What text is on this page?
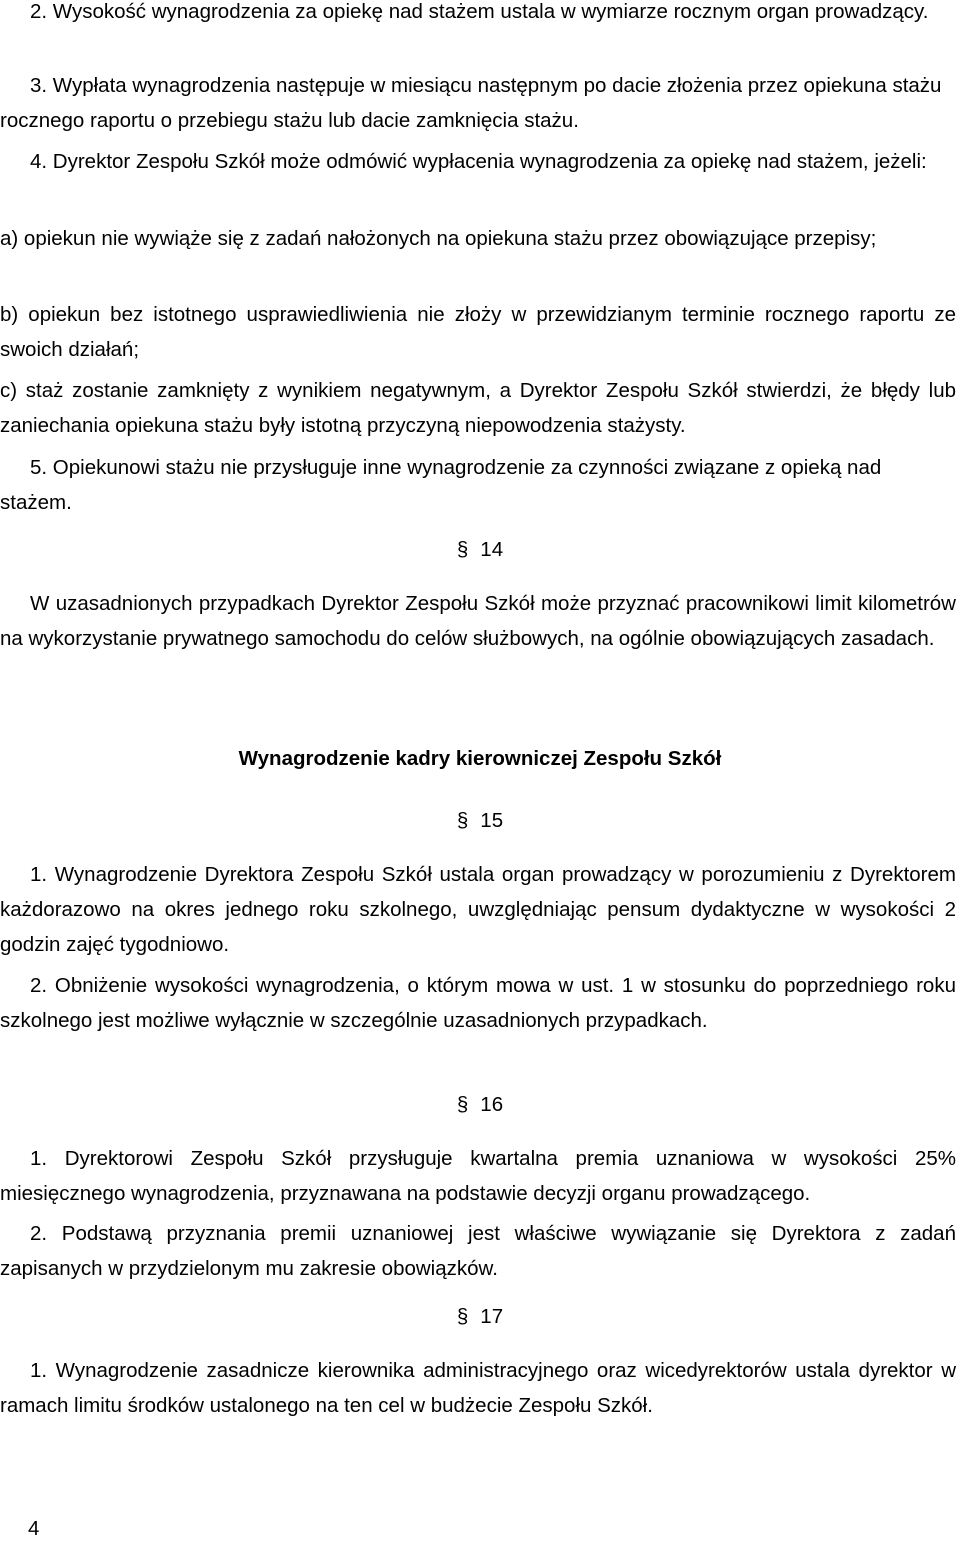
2. Wysokość wynagrodzenia za opiekę nad stażem ustala w wymiarze rocznym organ prowadzący.

3. Wypłata wynagrodzenia następuje w miesiącu następnym po dacie złożenia przez opiekuna stażu rocznego raportu o przebiegu stażu lub dacie zamknięcia stażu.

4. Dyrektor Zespołu Szkół może odmówić wypłacenia wynagrodzenia za opiekę nad stażem, jeżeli:

a) opiekun nie wywiąże się z zadań nałożonych na opiekuna stażu przez obowiązujące przepisy;

b) opiekun bez istotnego usprawiedliwienia nie złoży w przewidzianym terminie rocznego raportu ze swoich działań;

c) staż zostanie zamknięty z wynikiem negatywnym, a Dyrektor Zespołu Szkół stwierdzi, że błędy lub zaniechania opiekuna stażu były istotną przyczyną niepowodzenia stażysty.

5. Opiekunowi stażu nie przysługuje inne wynagrodzenie za czynności związane z opieką nad stażem.

§ 14

W uzasadnionych przypadkach Dyrektor Zespołu Szkół może przyznać pracownikowi limit kilometrów na wykorzystanie prywatnego samochodu do celów służbowych, na ogólnie obowiązujących zasadach.

Wynagrodzenie kadry kierowniczej Zespołu Szkół
§ 15

1. Wynagrodzenie Dyrektora Zespołu Szkół ustala organ prowadzący w porozumieniu z Dyrektorem każdorazowo na okres jednego roku szkolnego, uwzględniając pensum dydaktyczne w wysokości 2 godzin zajęć tygodniowo.

2. Obniżenie wysokości wynagrodzenia, o którym mowa w ust. 1 w stosunku do poprzedniego roku szkolnego jest możliwe wyłącznie w szczególnie uzasadnionych przypadkach.

§ 16

1. Dyrektorowi Zespołu Szkół przysługuje kwartalna premia uznaniowa w wysokości 25% miesięcznego wynagrodzenia, przyznawana na podstawie decyzji organu prowadzącego.

2. Podstawą przyznania premii uznaniowej jest właściwe wywiązanie się Dyrektora z zadań zapisanych w przydzielonym mu zakresie obowiązków.

§ 17

1. Wynagrodzenie zasadnicze kierownika administracyjnego oraz wicedyrektorów ustala dyrektor w ramach limitu środków ustalonego na ten cel w budżecie Zespołu Szkół.

4
